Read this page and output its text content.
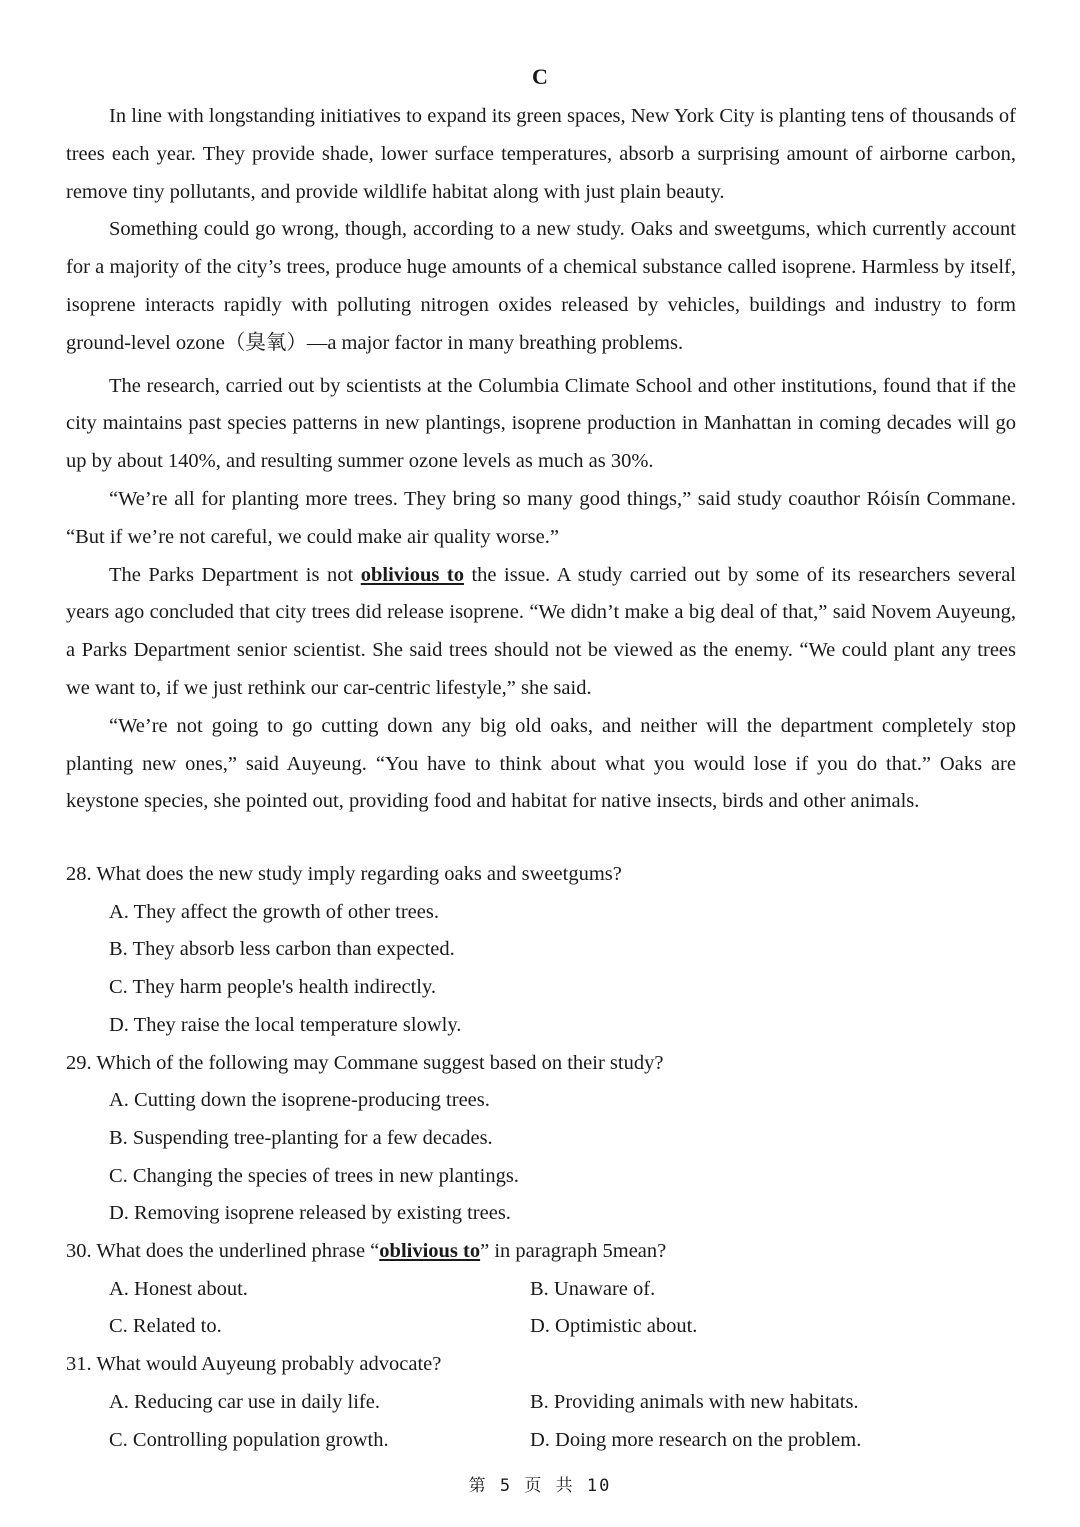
C

In line with longstanding initiatives to expand its green spaces, New York City is planting tens of thousands of trees each year. They provide shade, lower surface temperatures, absorb a surprising amount of airborne carbon, remove tiny pollutants, and provide wildlife habitat along with just plain beauty.

Something could go wrong, though, according to a new study. Oaks and sweetgums, which currently account for a majority of the city’s trees, produce huge amounts of a chemical substance called isoprene. Harmless by itself, isoprene interacts rapidly with polluting nitrogen oxides released by vehicles, buildings and industry to form ground-level ozone（臭氧）—a major factor in many breathing problems.

The research, carried out by scientists at the Columbia Climate School and other institutions, found that if the city maintains past species patterns in new plantings, isoprene production in Manhattan in coming decades will go up by about 140%, and resulting summer ozone levels as much as 30%.

“We’re all for planting more trees. They bring so many good things,” said study coauthor Róisín Commane. “But if we’re not careful, we could make air quality worse.”

The Parks Department is not oblivious to the issue. A study carried out by some of its researchers several years ago concluded that city trees did release isoprene. “We didn’t make a big deal of that,” said Novem Auyeung, a Parks Department senior scientist. She said trees should not be viewed as the enemy. “We could plant any trees we want to, if we just rethink our car-centric lifestyle,” she said.

“We’re not going to go cutting down any big old oaks, and neither will the department completely stop planting new ones,” said Auyeung. “You have to think about what you would lose if you do that.” Oaks are keystone species, she pointed out, providing food and habitat for native insects, birds and other animals.

28. What does the new study imply regarding oaks and sweetgums?

A. They affect the growth of other trees.

B. They absorb less carbon than expected.

C. They harm people's health indirectly.

D. They raise the local temperature slowly.

29. Which of the following may Commane suggest based on their study?

A. Cutting down the isoprene-producing trees.

B. Suspending tree-planting for a few decades.

C. Changing the species of trees in new plantings.

D. Removing isoprene released by existing trees.

30. What does the underlined phrase “oblivious to” in paragraph 5mean?

A. Honest about.	B. Unaware of.
C. Related to.	D. Optimistic about.

31. What would Auyeung probably advocate?

A. Reducing car use in daily life.	B. Providing animals with new habitats.
C. Controlling population growth.	D. Doing more research on the problem.
第 5 页 共 10
